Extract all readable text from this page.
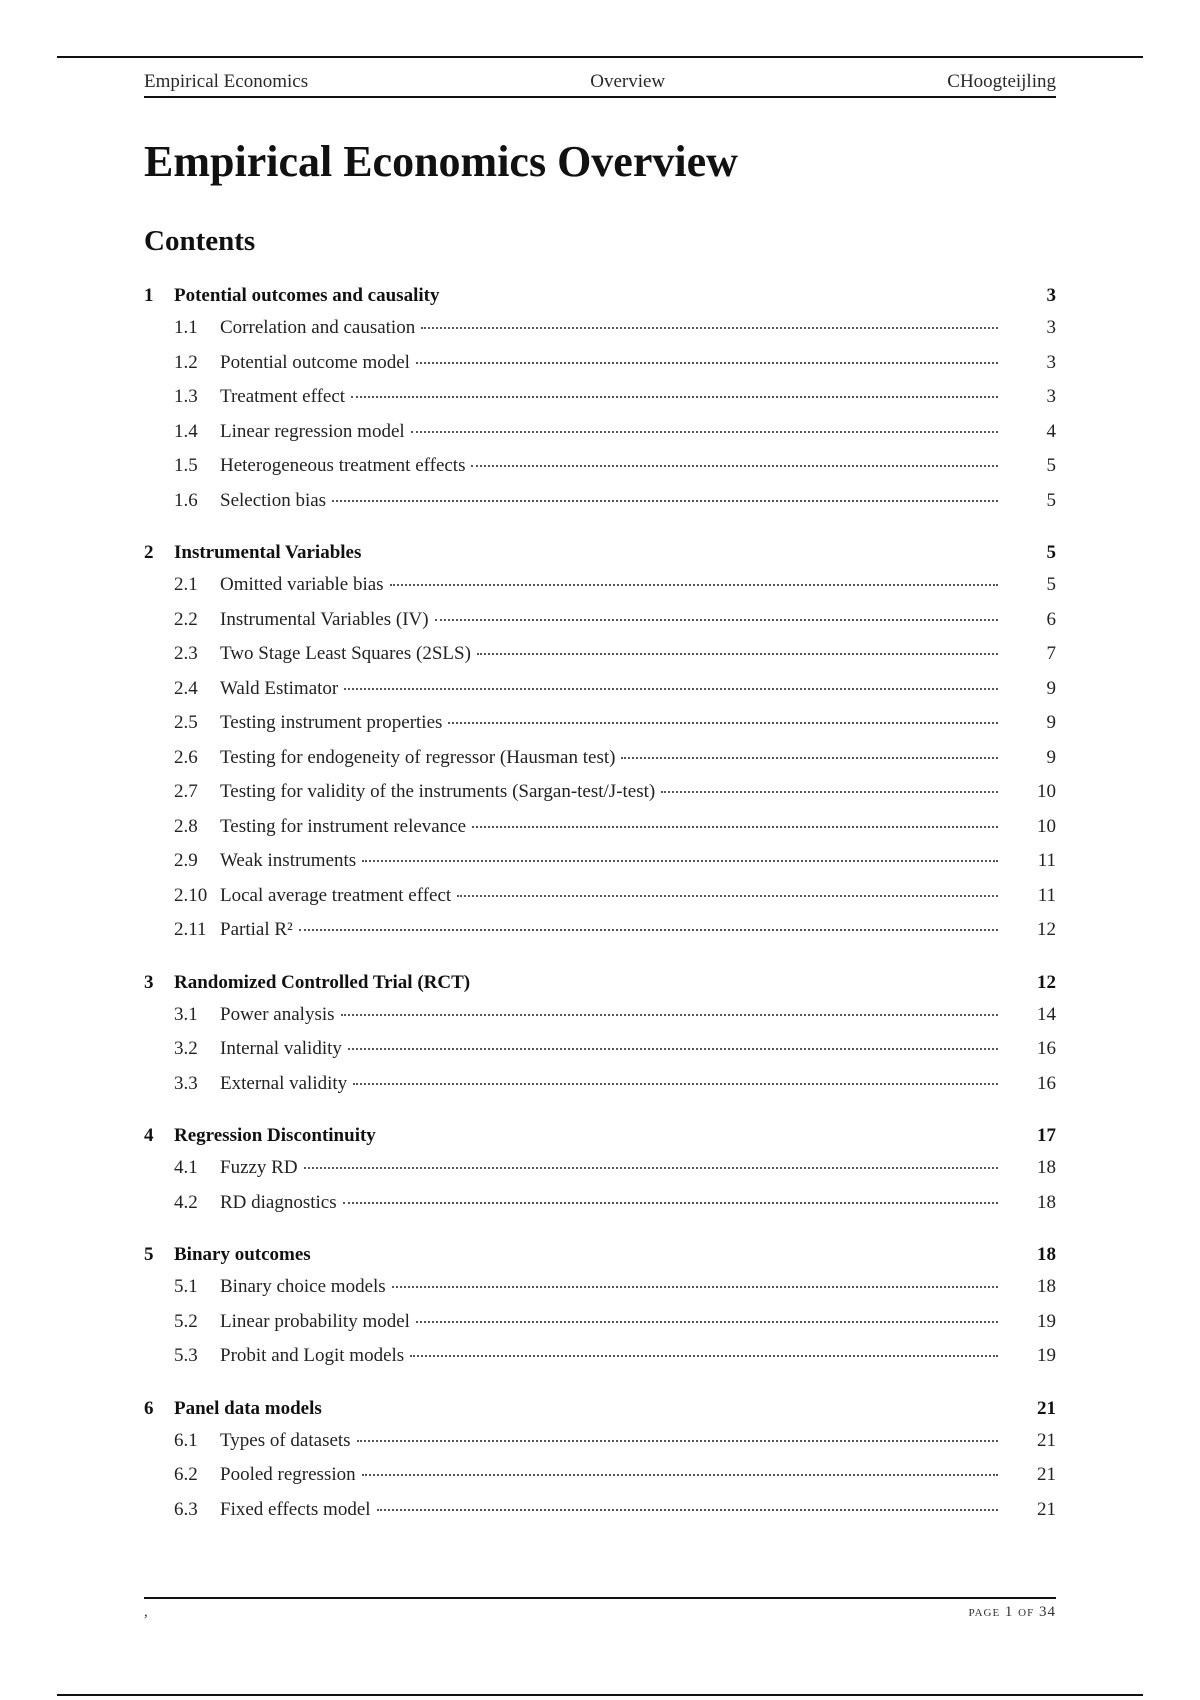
Empirical Economics	Overview	CHoogteijling
Empirical Economics Overview
Contents
1	Potential outcomes and causality	3
1.1	Correlation and causation	3
1.2	Potential outcome model	3
1.3	Treatment effect	3
1.4	Linear regression model	4
1.5	Heterogeneous treatment effects	5
1.6	Selection bias	5
2	Instrumental Variables	5
2.1	Omitted variable bias	5
2.2	Instrumental Variables (IV)	6
2.3	Two Stage Least Squares (2SLS)	7
2.4	Wald Estimator	9
2.5	Testing instrument properties	9
2.6	Testing for endogeneity of regressor (Hausman test)	9
2.7	Testing for validity of the instruments (Sargan-test/J-test)	10
2.8	Testing for instrument relevance	10
2.9	Weak instruments	11
2.10 Local average treatment effect	11
2.11 Partial R²	12
3	Randomized Controlled Trial (RCT)	12
3.1	Power analysis	14
3.2	Internal validity	16
3.3	External validity	16
4	Regression Discontinuity	17
4.1	Fuzzy RD	18
4.2	RD diagnostics	18
5	Binary outcomes	18
5.1	Binary choice models	18
5.2	Linear probability model	19
5.3	Probit and Logit models	19
6	Panel data models	21
6.1	Types of datasets	21
6.2	Pooled regression	21
6.3	Fixed effects model	21
,	page 1 of 34
